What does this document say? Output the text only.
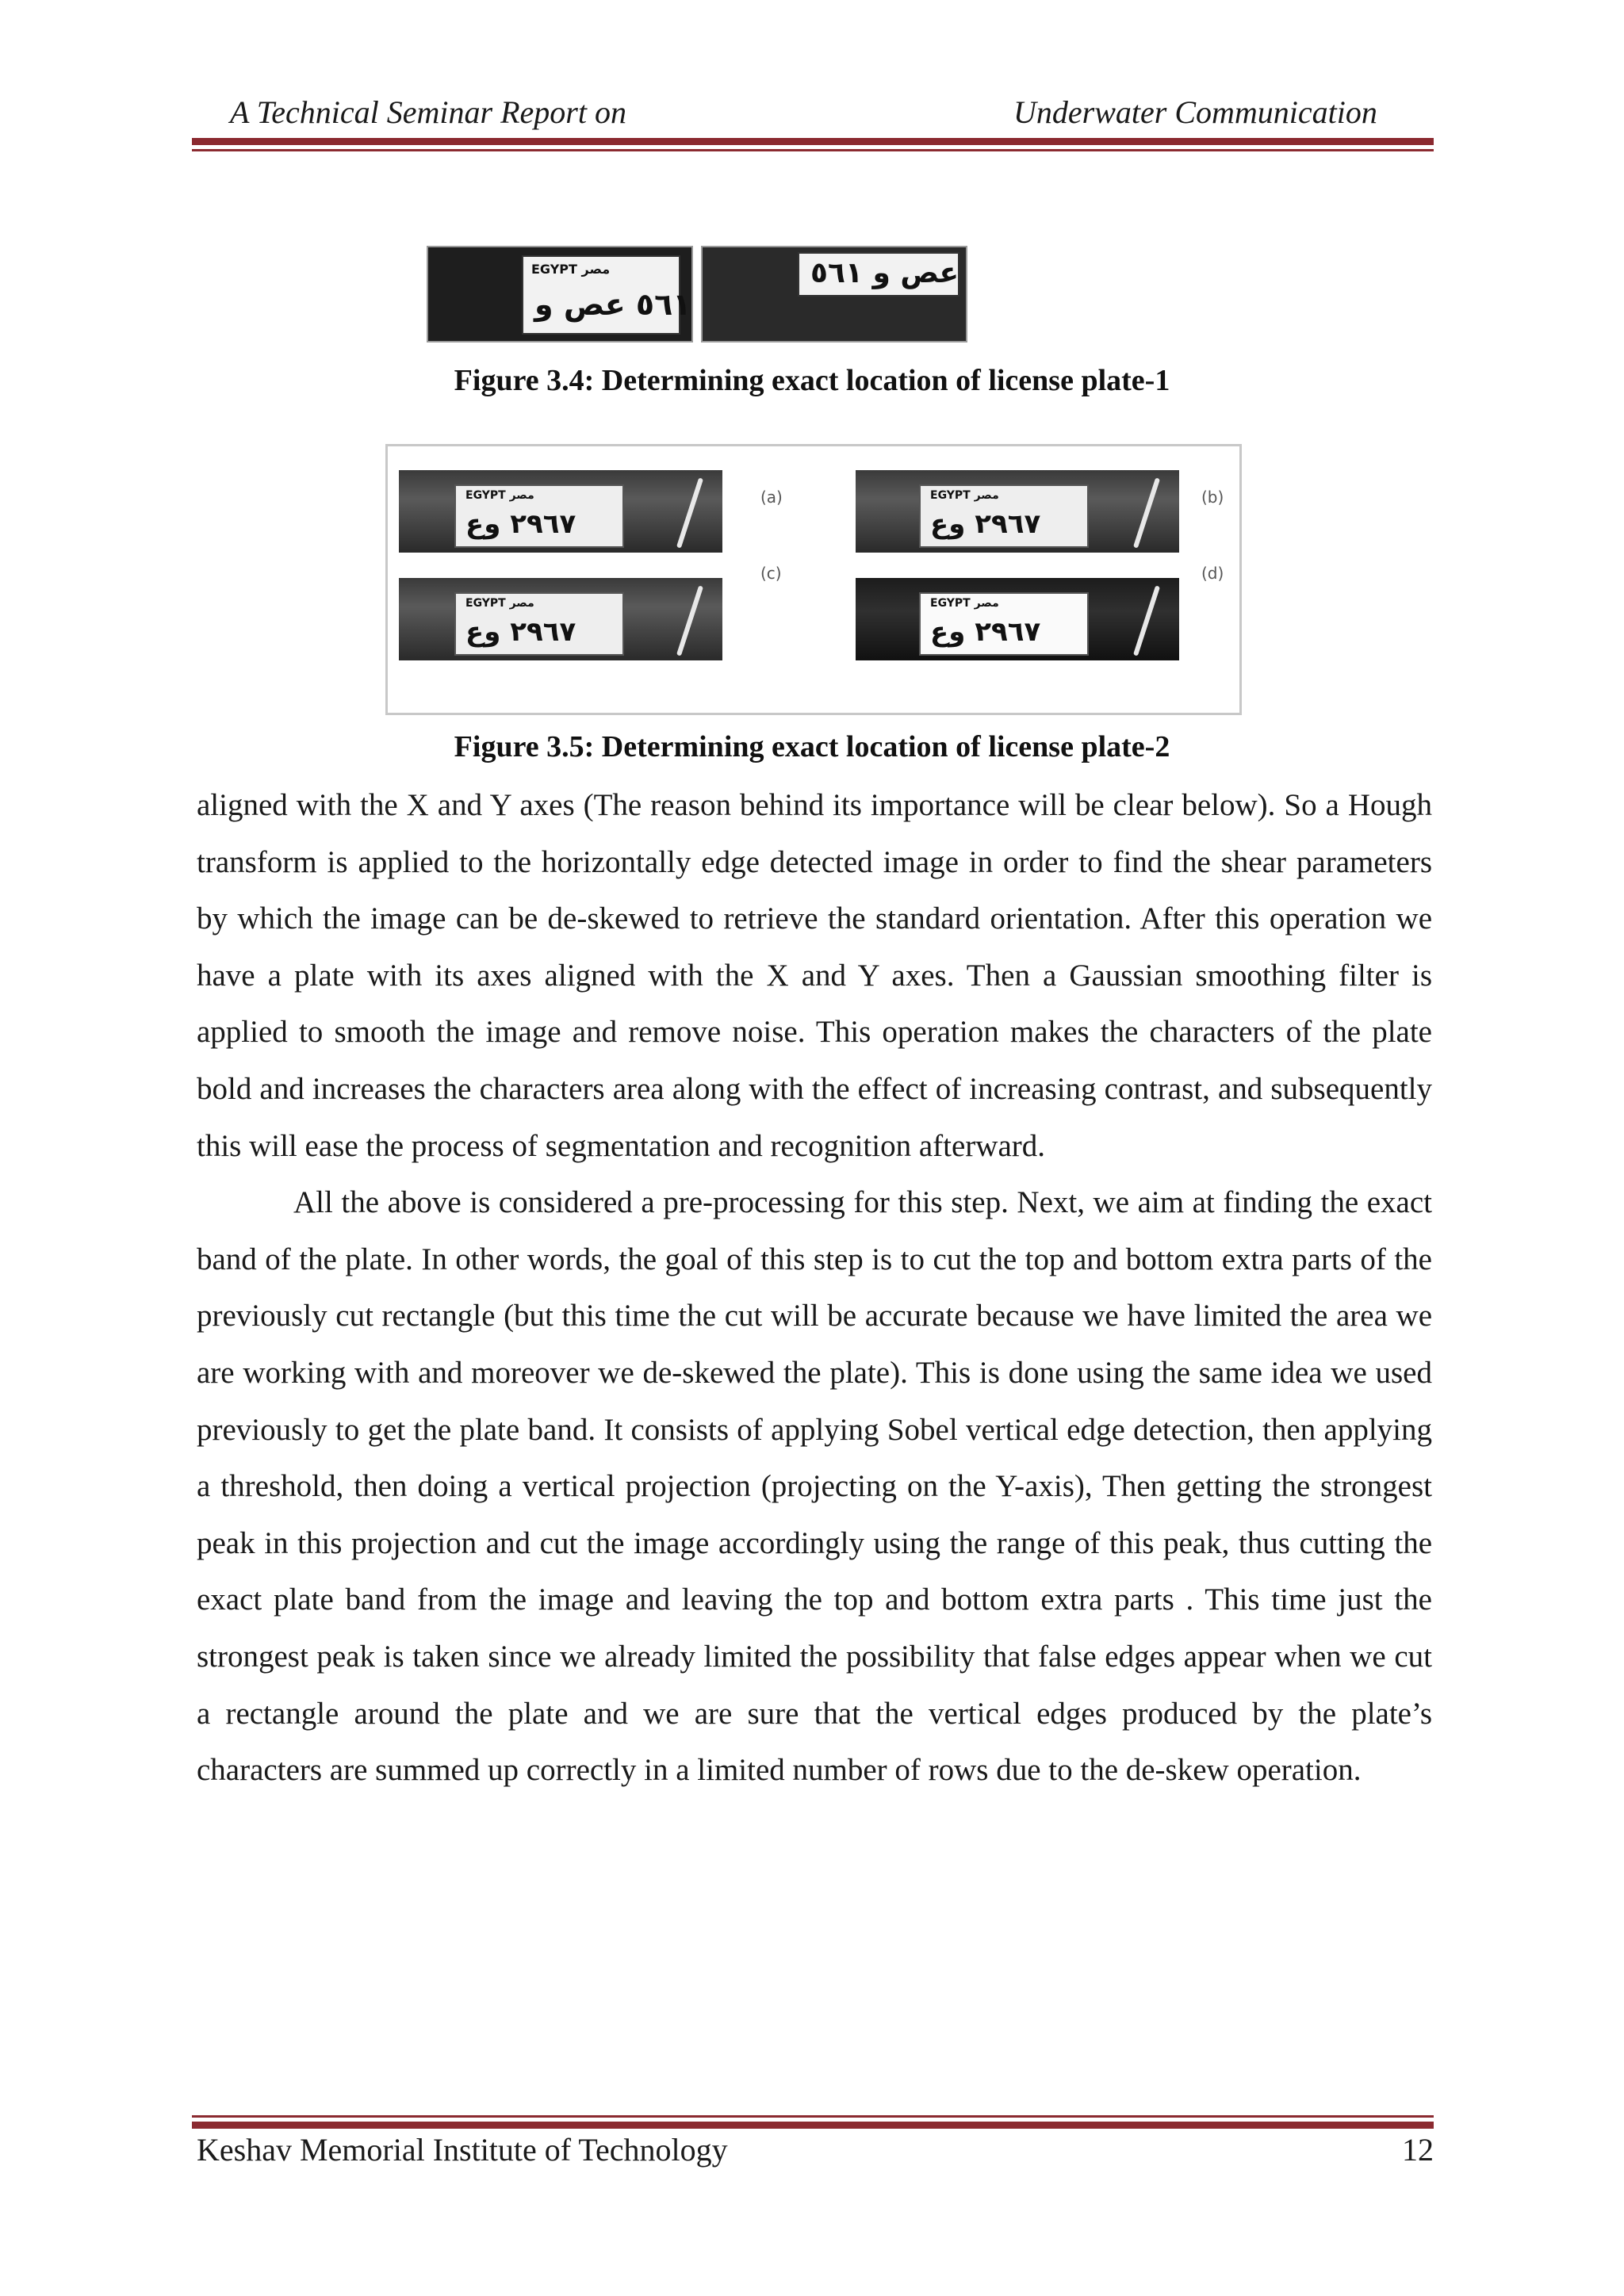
A Technical Seminar Report on	Underwater Communication
EGYPT مصر
٥٦١ عص و
عص و ٥٦١
Figure 3.4: Determining exact location of license plate-1
EGYPT مصر
٢٩٦٧ وع
(a)	EGYPT مصر
٢٩٦٧ وع
(b)
EGYPT مصر
٢٩٦٧ وع
(c)
EGYPT مصر
٢٩٦٧ وع
(d)
Figure 3.5: Determining exact location of license plate-2

aligned with the X and Y axes (The reason behind its importance will be clear below). So a Hough transform is applied to the horizontally edge detected image in order to find the shear parameters by which the image can be de-skewed to retrieve the standard orientation. After this operation we have a plate with its axes aligned with the X and Y axes. Then a Gaussian smoothing filter is applied to smooth the image and remove noise. This operation makes the characters of the plate bold and increases the characters area along with the effect of increasing contrast, and subsequently this will ease the process of segmentation and recognition afterward.

All the above is considered a pre-processing for this step. Next, we aim at finding the exact band of the plate. In other words, the goal of this step is to cut the top and bottom extra parts of the previously cut rectangle (but this time the cut will be accurate because we have limited the area we are working with and moreover we de-skewed the plate). This is done using the same idea we used previously to get the plate band. It consists of applying Sobel vertical edge detection, then applying a threshold, then doing a vertical projection (projecting on the Y-axis), Then getting the strongest peak in this projection and cut the image accordingly using the range of this peak, thus cutting the exact plate band from the image and leaving the top and bottom extra parts . This time just the strongest peak is taken since we already limited the possibility that false edges appear when we cut a rectangle around the plate and we are sure that the vertical edges produced by the plate’s characters are summed up correctly in a limited number of rows due to the de-skew operation.

Keshav Memorial Institute of Technology	12
